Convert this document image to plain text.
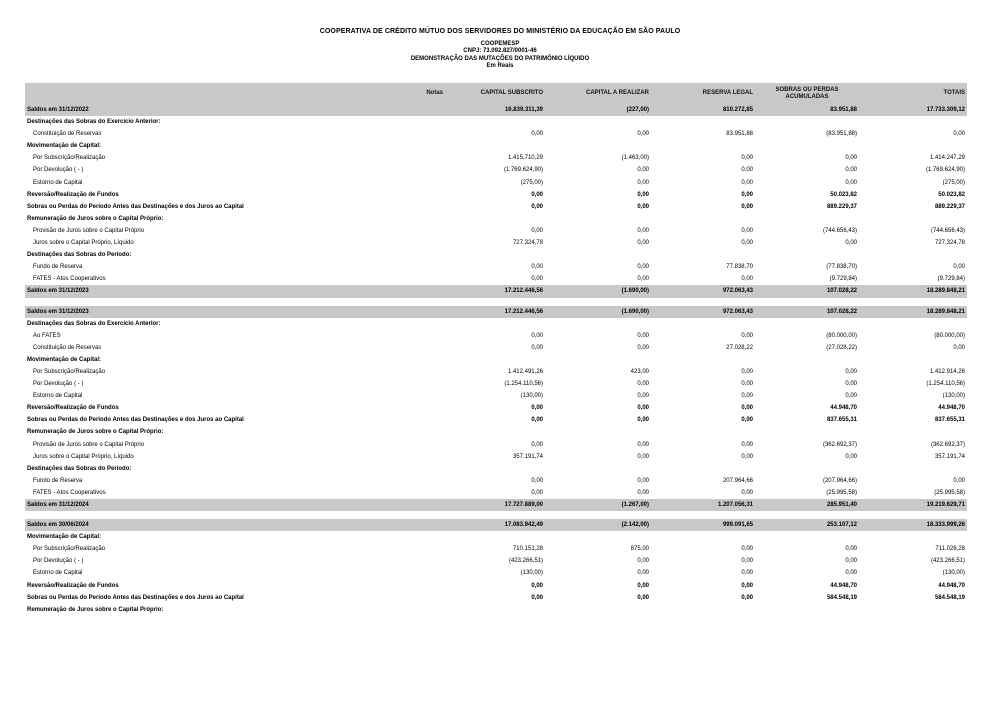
COOPERATIVA DE CRÉDITO MÚTUO DOS SERVIDORES DO MINISTÉRIO DA EDUCAÇÃO EM SÃO PAULO
COOPEMESP
CNPJ: 73.092.827/0001-46
DEMONSTRAÇÃO DAS MUTAÇÕES DO PATRIMÔNIO LÍQUIDO
Em Reais
	Notas	CAPITAL SUBSCRITO	CAPITAL A REALIZAR	RESERVA LEGAL	SOBRAS OU PERDAS
ACUMULADAS	TOTAIS
Saldos em 31/12/2022		16.839.311,39	(227,00)	810.272,85	83.951,88	17.733.309,12
Destinações das Sobras do Exercício Anterior:						
Constituição de Reservas		0,00	0,00	83.951,88	(83.951,88)	0,00
Movimentação de Capital:						
Por Subscrição/Realização		1.415.710,29	(1.463,00)	0,00	0,00	1.414.247,29
Por Devolução ( - )		(1.769.624,90)	0,00	0,00	0,00	(1.769.624,90)
Estorno de Capital		(275,00)	0,00	0,00	0,00	(275,00)
Reversão/Realização de Fundos		0,00	0,00	0,00	50.023,82	50.023,82
Sobras ou Perdas do Período Antes das Destinações e dos Juros ao Capital		0,00	0,00	0,00	889.229,37	889.229,37
Remuneração de Juros sobre o Capital Próprio:						
Provisão de Juros sobre o Capital Próprio		0,00	0,00	0,00	(744.656,43)	(744.656,43)
Juros sobre o Capital Próprio, Líquido		727.324,78	0,00	0,00	0,00	727.324,78
Destinações das Sobras do Período:						
Fundo de Reserva		0,00	0,00	77.838,70	(77.838,70)	0,00
FATES - Atos Cooperativos		0,00	0,00	0,00	(9.729,84)	(9.729,84)
Saldos em 31/12/2023		17.212.446,56	(1.690,00)	972.063,43	107.028,22	18.289.848,21

Saldos em 31/12/2023		17.212.446,56	(1.690,00)	972.063,43	107.028,22	18.289.848,21
Destinações das Sobras do Exercício Anterior:						
Ao FATES		0,00	0,00	0,00	(80.000,00)	(80.000,00)
Constituição de Reservas		0,00	0,00	27.028,22	(27.028,22)	0,00
Movimentação de Capital:						
Por Subscrição/Realização		1.412.491,26	423,00	0,00	0,00	1.412.914,26
Por Devolução ( - )		(1.254.110,56)	0,00	0,00	0,00	(1.254.110,56)
Estorno de Capital		(130,00)	0,00	0,00	0,00	(130,00)
Reversão/Realização de Fundos		0,00	0,00	0,00	44.948,70	44.948,70
Sobras ou Perdas do Período Antes das Destinações e dos Juros ao Capital		0,00	0,00	0,00	837.655,31	837.655,31
Remuneração de Juros sobre o Capital Próprio:						
Provisão de Juros sobre o Capital Próprio		0,00	0,00	0,00	(362.692,37)	(362.692,37)
Juros sobre o Capital Próprio, Líquido		357.191,74	0,00	0,00	0,00	357.191,74
Destinações das Sobras do Período:						
Fundo de Reserva		0,00	0,00	207.964,66	(207.964,66)	0,00
FATES - Atos Cooperativos		0,00	0,00	0,00	(25.995,58)	(25.995,58)
Saldos em 31/12/2024		17.727.889,00	(1.267,00)	1.207.056,31	285.951,40	19.219.629,71

Saldos em 30/06/2024		17.083.942,49	(2.142,00)	999.091,65	253.107,12	18.333.999,26
Movimentação de Capital:						
Por Subscrição/Realização		710.151,28	875,00	0,00	0,00	711.026,28
Por Devolução ( - )		(423.266,51)	0,00	0,00	0,00	(423.266,51)
Estorno de Capital		(130,00)	0,00	0,00	0,00	(130,00)
Reversão/Realização de Fundos		0,00	0,00	0,00	44.948,70	44.948,70
Sobras ou Perdas do Período Antes das Destinações e dos Juros ao Capital		0,00	0,00	0,00	584.548,19	584.548,19
Remuneração de Juros sobre o Capital Próprio:						
